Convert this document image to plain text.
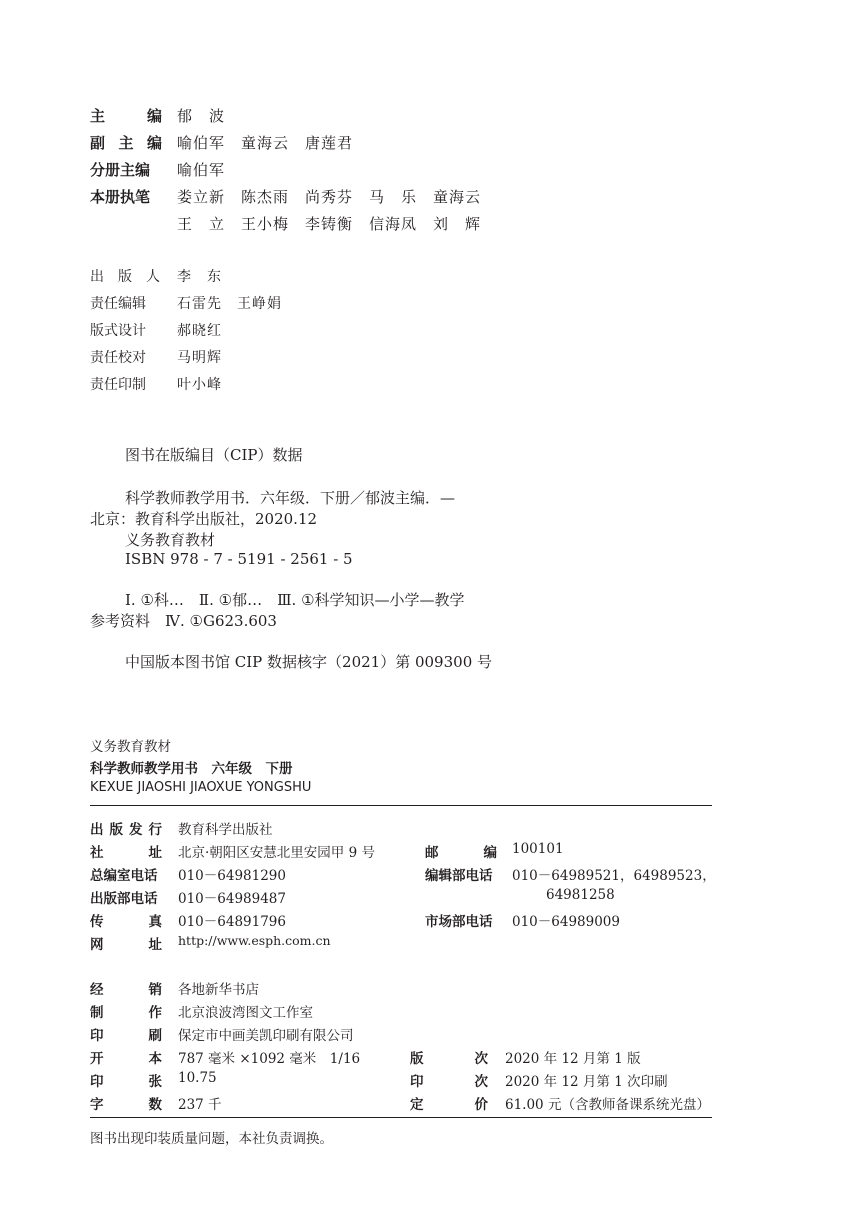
主	编 郁　波
副 主 编 喻伯军　童海云　唐莲君
分册主编	喻伯军
本册执笔	娄立新　陈杰雨　尚秀芬　马　乐　童海云
王　立　王小梅　李铸衡　信海凤　刘　辉
出 版 人 李　东
责任编辑	石雷先　王峥娟
版式设计	郝晓红
责任校对	马明辉
责任印制	叶小峰
图书在版编目（CIP）数据
科学教师教学用书．六年级．下册／郁波主编．—
北京：教育科学出版社，2020.12
义务教育教材
ISBN 978 - 7 - 5191 - 2561 - 5
Ⅰ. ①科…　Ⅱ. ①郁…　Ⅲ. ①科学知识—小学—教学
参考资料　Ⅳ. ①G623.603
中国版本图书馆 CIP 数据核字（2021）第 009300 号
义务教育教材
科学教师教学用书　六年级　下册
KEXUE JIAOSHI JIAOXUE YONGSHU
出 版 发 行 教育科学出版社
社	址 北京·朝阳区安慧北里安园甲 9 号	邮	编 100101
总编室电话 010－64981290	编辑部电话 010－64989521，64989523，
64981258
出版部电话 010－64989487
传	真 010－64891796	市场部电话 010－64989009
网	址 http://www.esph.com.cn
经	销 各地新华书店
制	作 北京浪波湾图文工作室
印	刷 保定市中画美凯印刷有限公司
开	本 787 毫米 ×1092 毫米　1/16	版	次 2020 年 12 月第 1 版
印	张 10.75	印	次 2020 年 12 月第 1 次印刷
字	数 237 千	定	价 61.00 元（含教师备课系统光盘）
图书出现印装质量问题，本社负责调换。
